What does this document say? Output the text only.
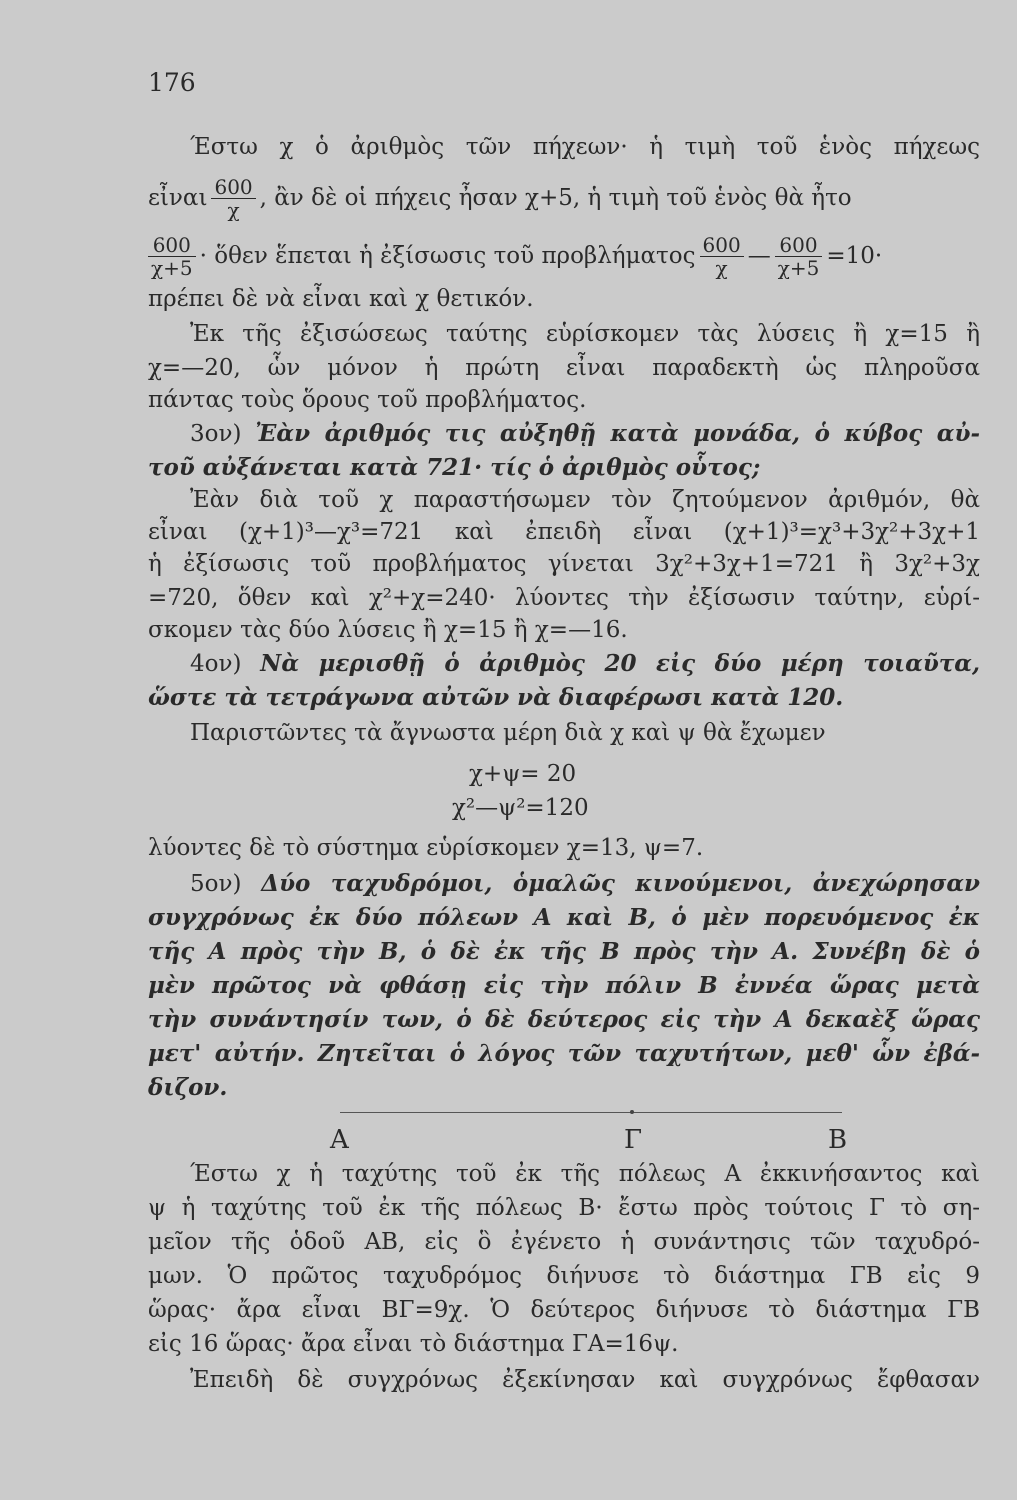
176
Έστω χ ὁ ἀριθμὸς τῶν πήχεων· ἡ τιμὴ τοῦ ἑνὸς πήχεως
εἶναι $\frac{600}{\chi}$ , ἂν δὲ οἱ πήχεις ἦσαν χ+5, ἡ τιμὴ τοῦ ἑνὸς θὰ ἦτο
$\frac{600}{\chi+5}$ · ὅθεν ἕπεται ἡ ἐξίσωσις τοῦ προβλήματος $\frac{600}{\chi}$ — $\frac{600}{\chi+5} =10\cdot$
πρέπει δὲ νὰ εἶναι καὶ χ θετικόν.
Ἐκ τῆς ἐξισώσεως ταύτης εὑρίσκομεν τὰς λύσεις ἢ χ=15 ἢ
χ=—20, ὧν μόνον ἡ πρώτη εἶναι παραδεκτὴ ὡς πληροῦσα
πάντας τοὺς ὅρους τοῦ προβλήματος.
3ον) Ἐὰν ἀριθμός τις αὐξηθῇ κατὰ μονάδα, ὁ κύβος αὐ-
τοῦ αὐξάνεται κατὰ 721· τίς ὁ ἀριθμὸς οὗτος;
Ἐὰν διὰ τοῦ χ παραστήσωμεν τὸν ζητούμενον ἀριθμόν, θὰ
εἶναι (χ+1)³—χ³=721 καὶ ἐπειδὴ εἶναι (χ+1)³=χ³+3χ²+3χ+1
ἡ ἐξίσωσις τοῦ προβλήματος γίνεται 3χ²+3χ+1=721 ἢ 3χ²+3χ
=720, ὅθεν καὶ χ²+χ=240· λύοντες τὴν ἐξίσωσιν ταύτην, εὑρί-
σκομεν τὰς δύο λύσεις ἢ χ=15 ἢ χ=—16.
4ον) Νὰ μερισθῇ ὁ ἀριθμὸς 20 εἰς δύο μέρη τοιαῦτα,
ὥστε τὰ τετράγωνα αὐτῶν νὰ διαφέρωσι κατὰ 120.
Παριστῶντες τὰ ἄγνωστα μέρη διὰ χ καὶ ψ θὰ ἔχωμεν
χ+ψ= 20
χ²—ψ²=120
λύοντες δὲ τὸ σύστημα εὑρίσκομεν χ=13, ψ=7.
5ον) Δύο ταχυδρόμοι, ὁμαλῶς κινούμενοι, ἀνεχώρησαν
συγχρόνως ἐκ δύο πόλεων Α καὶ Β, ὁ μὲν πορευόμενος ἐκ
τῆς Α πρὸς τὴν Β, ὁ δὲ ἐκ τῆς Β πρὸς τὴν Α. Συνέβη δὲ ὁ
μὲν πρῶτος νὰ φθάσῃ εἰς τὴν πόλιν Β ἐννέα ὥρας μετὰ
τὴν συνάντησίν των, ὁ δὲ δεύτερος εἰς τὴν Α δεκαὲξ ὥρας
μετ' αὐτήν. Ζητεῖται ὁ λόγος τῶν ταχυτήτων, μεθ' ὧν ἐβά-
διζον.
Α	Γ	Β
Έστω χ ἡ ταχύτης τοῦ ἐκ τῆς πόλεως Α ἐκκινήσαντος καὶ
ψ ἡ ταχύτης τοῦ ἐκ τῆς πόλεως Β· ἔστω πρὸς τούτοις Γ τὸ ση-
μεῖον τῆς ὁδοῦ ΑΒ, εἰς ὃ ἐγένετο ἡ συνάντησις τῶν ταχυδρό-
μων. Ὁ πρῶτος ταχυδρόμος διήνυσε τὸ διάστημα ΓΒ εἰς 9
ὥρας· ἄρα εἶναι ΒΓ=9χ. Ὁ δεύτερος διήνυσε τὸ διάστημα ΓΒ
εἰς 16 ὥρας· ἄρα εἶναι τὸ διάστημα ΓΑ=16ψ.
Ἐπειδὴ δὲ συγχρόνως ἐξεκίνησαν καὶ συγχρόνως ἔφθασαν
